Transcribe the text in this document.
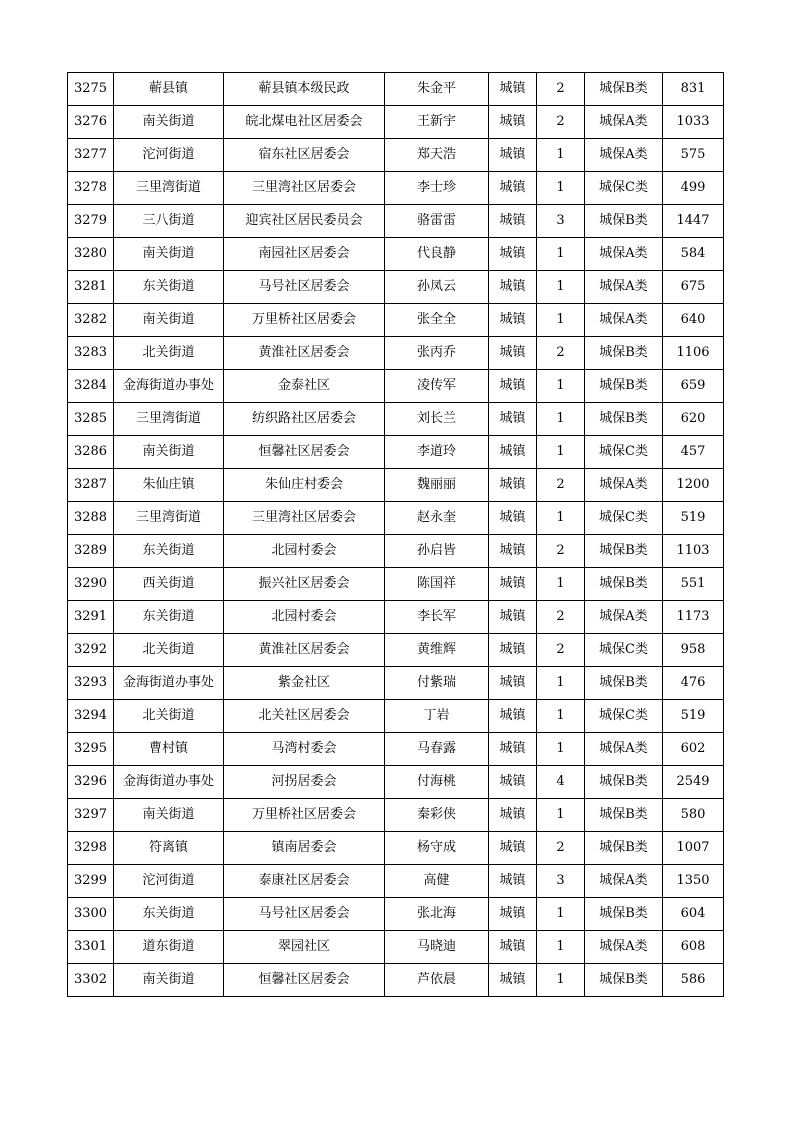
3275	蕲县镇	蕲县镇本级民政	朱金平	城镇	2	城保B类	831
3276	南关街道	皖北煤电社区居委会	王新宇	城镇	2	城保A类	1033
3277	沱河街道	宿东社区居委会	郑天浩	城镇	1	城保A类	575
3278	三里湾街道	三里湾社区居委会	李士珍	城镇	1	城保C类	499
3279	三八街道	迎宾社区居民委员会	骆雷雷	城镇	3	城保B类	1447
3280	南关街道	南园社区居委会	代良静	城镇	1	城保A类	584
3281	东关街道	马号社区居委会	孙凤云	城镇	1	城保A类	675
3282	南关街道	万里桥社区居委会	张全全	城镇	1	城保A类	640
3283	北关街道	黄淮社区居委会	张丙乔	城镇	2	城保B类	1106
3284	金海街道办事处	金泰社区	凌传军	城镇	1	城保B类	659
3285	三里湾街道	纺织路社区居委会	刘长兰	城镇	1	城保B类	620
3286	南关街道	恒馨社区居委会	李道玲	城镇	1	城保C类	457
3287	朱仙庄镇	朱仙庄村委会	魏丽丽	城镇	2	城保A类	1200
3288	三里湾街道	三里湾社区居委会	赵永奎	城镇	1	城保C类	519
3289	东关街道	北园村委会	孙启皆	城镇	2	城保B类	1103
3290	西关街道	振兴社区居委会	陈国祥	城镇	1	城保B类	551
3291	东关街道	北园村委会	李长军	城镇	2	城保A类	1173
3292	北关街道	黄淮社区居委会	黄维辉	城镇	2	城保C类	958
3293	金海街道办事处	紫金社区	付紫瑞	城镇	1	城保B类	476
3294	北关街道	北关社区居委会	丁岩	城镇	1	城保C类	519
3295	曹村镇	马湾村委会	马春露	城镇	1	城保A类	602
3296	金海街道办事处	河拐居委会	付海桃	城镇	4	城保B类	2549
3297	南关街道	万里桥社区居委会	秦彩侠	城镇	1	城保B类	580
3298	符离镇	镇南居委会	杨守成	城镇	2	城保B类	1007
3299	沱河街道	泰康社区居委会	高健	城镇	3	城保A类	1350
3300	东关街道	马号社区居委会	张北海	城镇	1	城保B类	604
3301	道东街道	翠园社区	马晓迪	城镇	1	城保A类	608
3302	南关街道	恒馨社区居委会	芦依晨	城镇	1	城保B类	586
